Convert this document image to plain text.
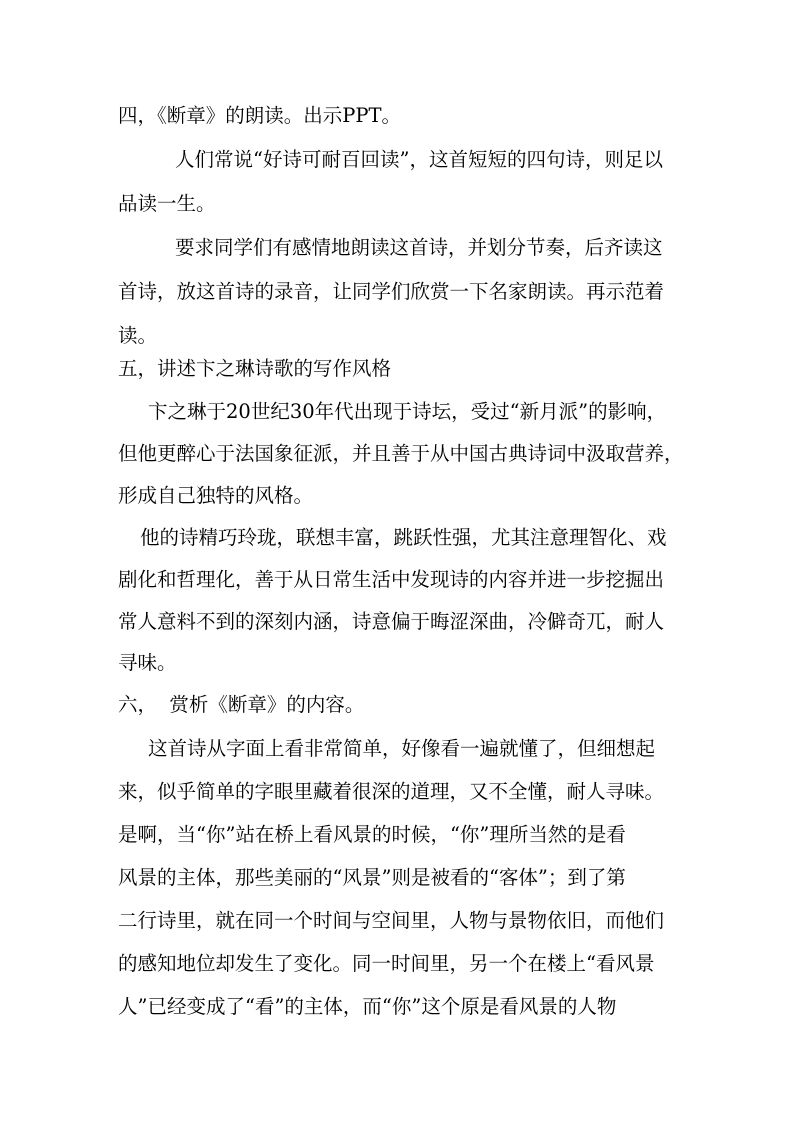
四，《断章》的朗读。出示PPT。

人们常说“好诗可耐百回读”，这首短短的四句诗，则足以

品读一生。

要求同学们有感情地朗读这首诗，并划分节奏，后齐读这

首诗，放这首诗的录音，让同学们欣赏一下名家朗读。再示范着

读。

五，讲述卞之琳诗歌的写作风格

卞之琳于20世纪30年代出现于诗坛，受过“新月派”的影响，

但他更醉心于法国象征派，并且善于从中国古典诗词中汲取营养，

形成自己独特的风格。

他的诗精巧玲珑，联想丰富，跳跃性强，尤其注意理智化、戏

剧化和哲理化，善于从日常生活中发现诗的内容并进一步挖掘出

常人意料不到的深刻内涵，诗意偏于晦涩深曲，冷僻奇兀，耐人

寻味。

六，  赏析《断章》的内容。

这首诗从字面上看非常简单，好像看一遍就懂了，但细想起

来，似乎简单的字眼里藏着很深的道理，又不全懂，耐人寻味。

是啊，当“你”站在桥上看风景的时候，“你”理所当然的是看

风景的主体，那些美丽的“风景”则是被看的“客体”；到了第

二行诗里，就在同一个时间与空间里，人物与景物依旧，而他们

的感知地位却发生了变化。同一时间里，另一个在楼上“看风景

人”已经变成了“看”的主体，而“你”这个原是看风景的人物
